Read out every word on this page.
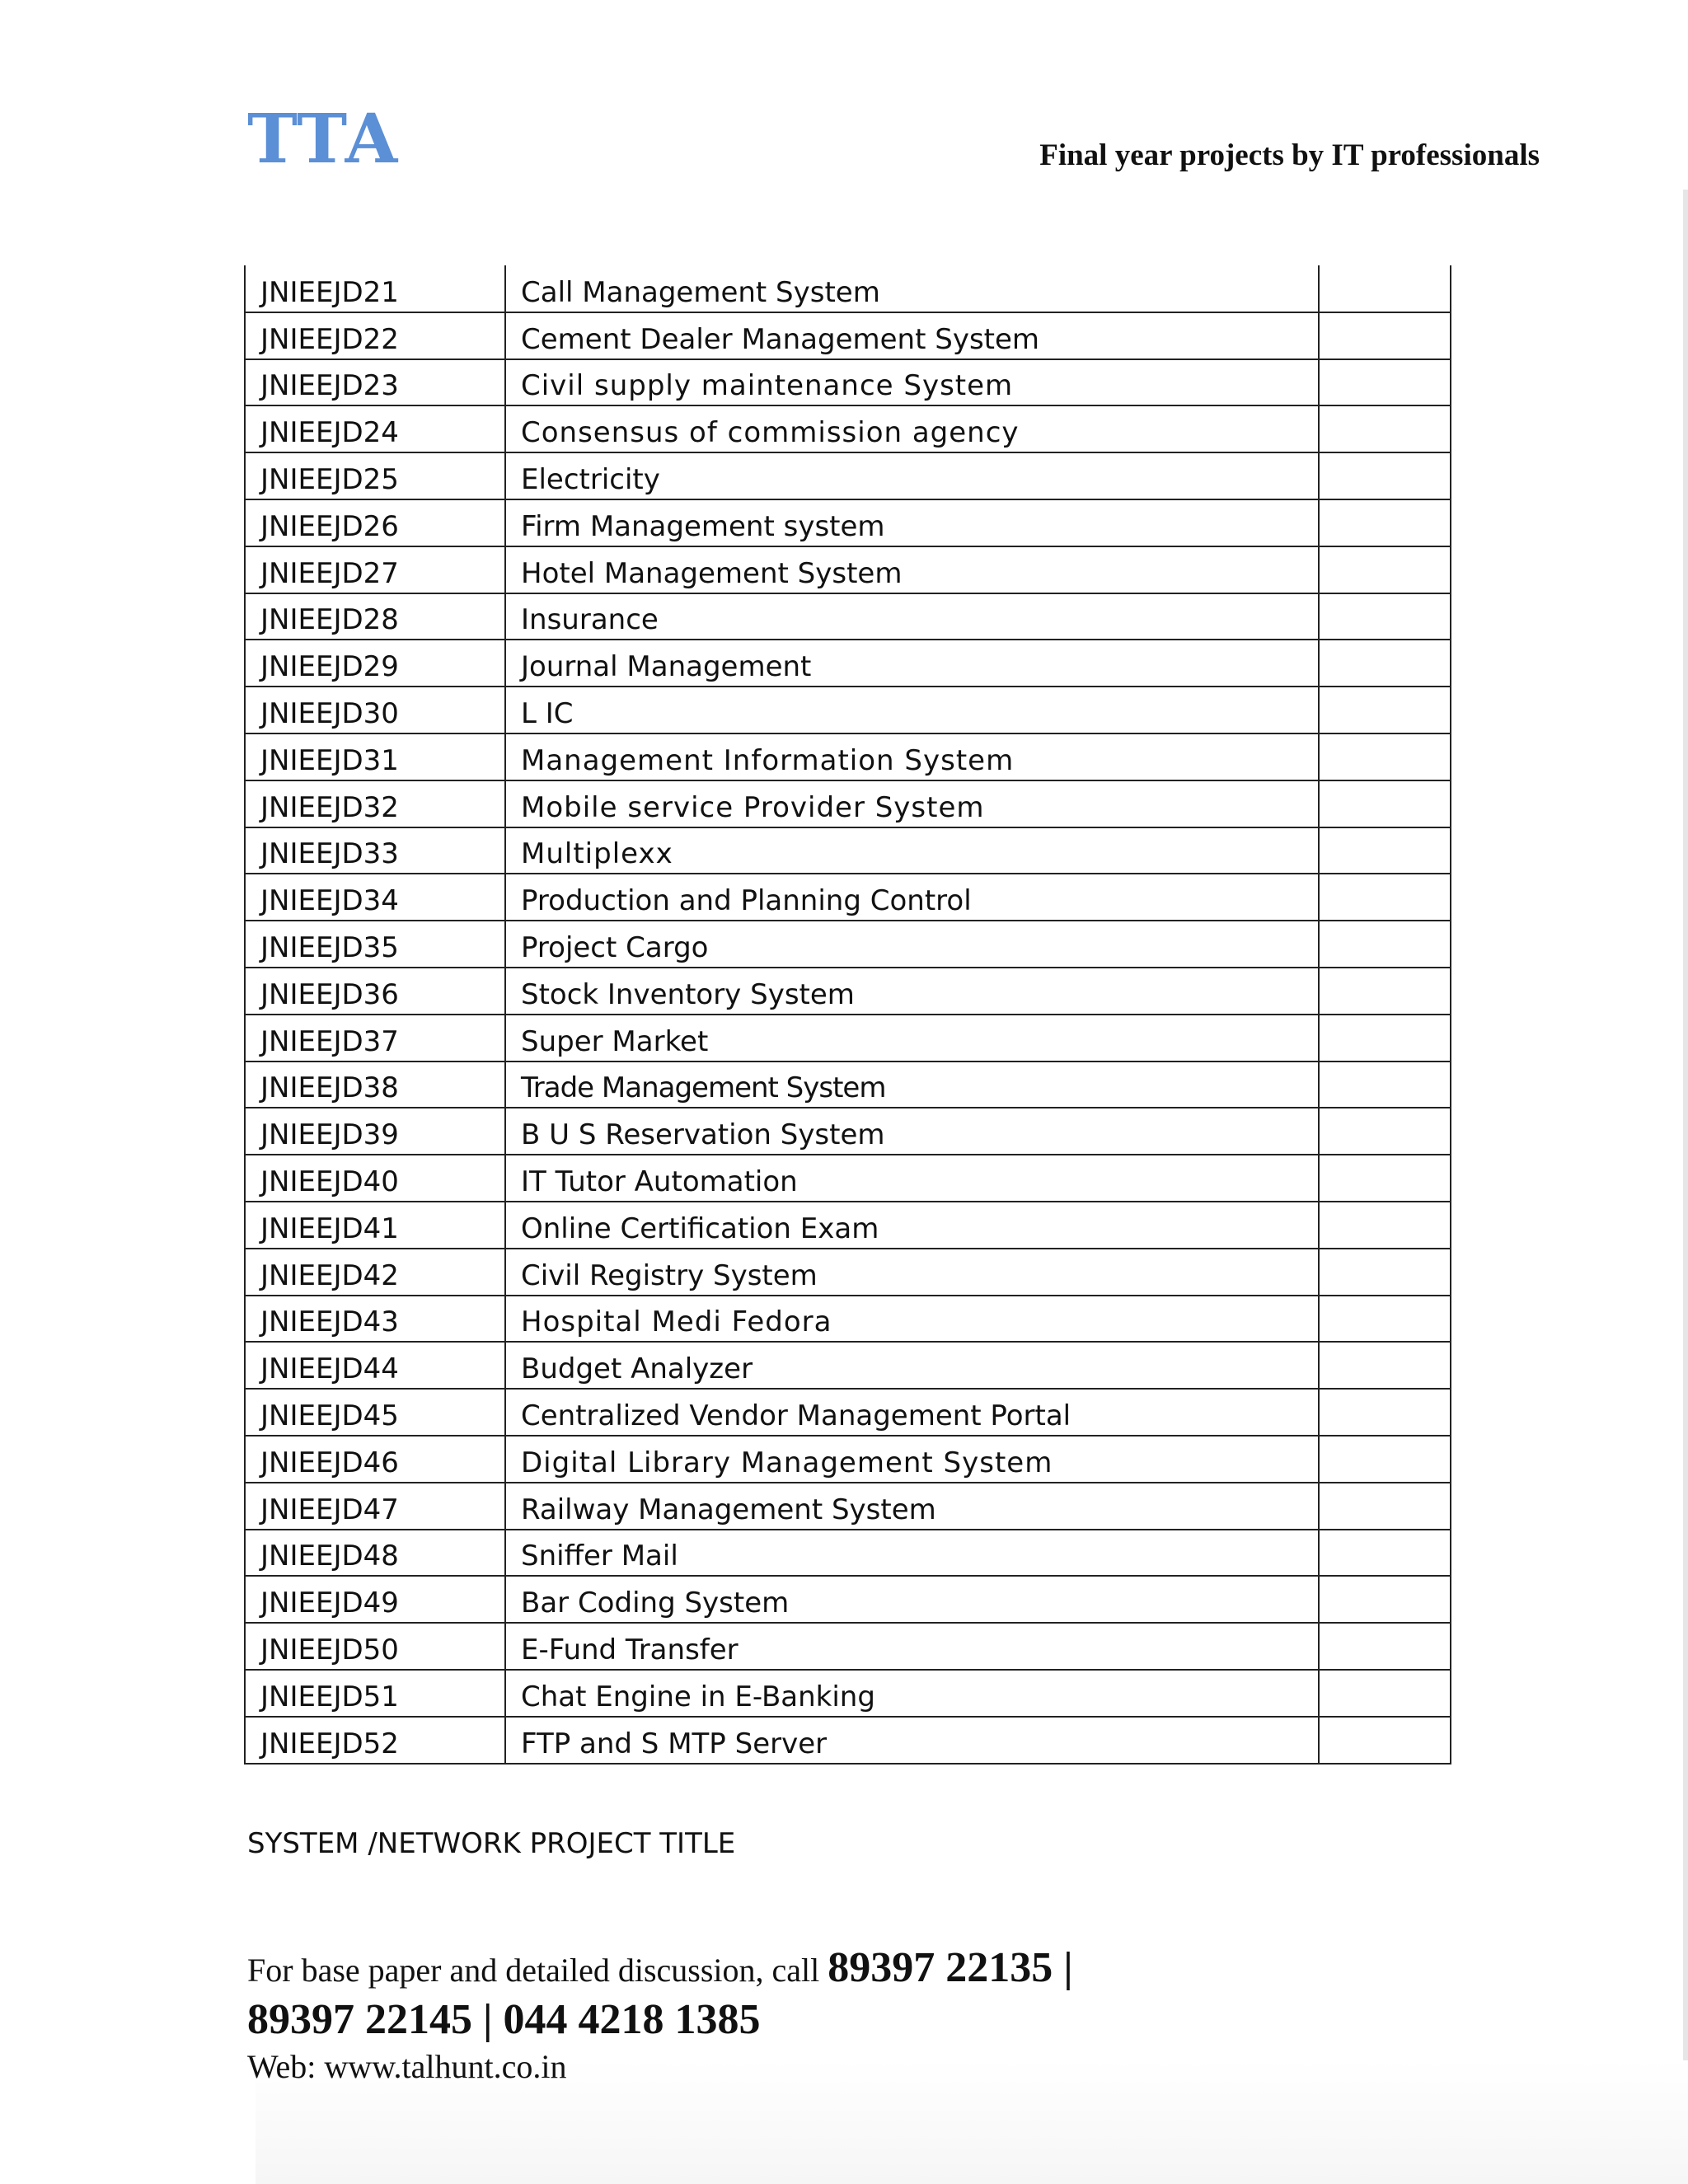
TTA	Final year projects by IT professionals
JNIEEJD21	Call Management System	
JNIEEJD22	Cement Dealer Management System	
JNIEEJD23	Civil supply maintenance System	
JNIEEJD24	Consensus of commission agency	
JNIEEJD25	Electricity	
JNIEEJD26	Firm Management system	
JNIEEJD27	Hotel Management System	
JNIEEJD28	Insurance	
JNIEEJD29	Journal Management	
JNIEEJD30	L IC	
JNIEEJD31	Management Information System	
JNIEEJD32	Mobile service Provider System	
JNIEEJD33	Multiplexx	
JNIEEJD34	Production and Planning Control	
JNIEEJD35	Project Cargo	
JNIEEJD36	Stock Inventory System	
JNIEEJD37	Super Market	
JNIEEJD38	Trade Management System	
JNIEEJD39	B U S Reservation System	
JNIEEJD40	IT Tutor Automation	
JNIEEJD41	Online Certification Exam	
JNIEEJD42	Civil Registry System	
JNIEEJD43	Hospital Medi Fedora	
JNIEEJD44	Budget Analyzer	
JNIEEJD45	Centralized Vendor Management Portal	
JNIEEJD46	Digital Library Management System	
JNIEEJD47	Railway Management System	
JNIEEJD48	Sniffer Mail	
JNIEEJD49	Bar Coding System	
JNIEEJD50	E-Fund Transfer	
JNIEEJD51	Chat Engine in E-Banking	
JNIEEJD52	FTP and S MTP Server	
SYSTEM /NETWORK PROJECT TITLE
For base paper and detailed discussion, call 89397 22135 |
89397 22145 | 044 4218 1385
Web: www.talhunt.co.in
